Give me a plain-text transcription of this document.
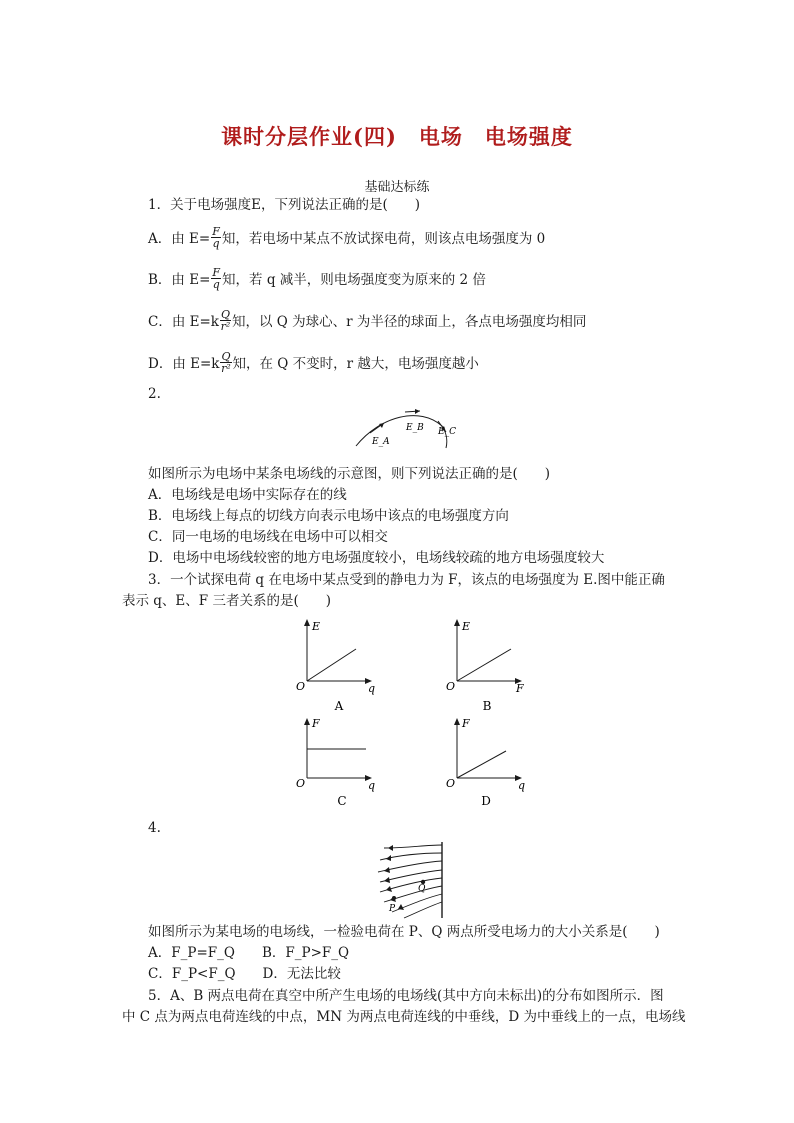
课时分层作业(四)　电场　电场强度
基础达标练
1．关于电场强度E，下列说法正确的是(　　)
A．由 $E= \frac{F}{q}$ 知，若电场中某点不放试探电荷，则该点电场强度为 0
B．由 $E= \frac{F}{q}$ 知，若 q 减半，则电场强度变为原来的 2 倍
C．由 $E=k \frac{Q}{\text{r²}}$ 知，以 Q 为球心、r 为半径的球面上，各点电场强度均相同
D．由 $E=k \frac{Q}{\text{r²}}$ 知，在 Q 不变时，r 越大，电场强度越小
2.
E_A
E_B E_C
如图所示为电场中某条电场线的示意图，则下列说法正确的是(　　)
A．电场线是电场中实际存在的线
B．电场线上每点的切线方向表示电场中该点的电场强度方向
C．同一电场的电场线在电场中可以相交
D．电场中电场线较密的地方电场强度较小，电场线较疏的地方电场强度较大
3．一个试探电荷 q 在电场中某点受到的静电力为 F，该点的电场强度为 E.图中能正确
表示 q、E、F 三者关系的是(　　)
E
q
O
A
E
F
O
B
F
q
O
C
F
q
O
D
4.
Q
P
如图所示为某电场的电场线，一检验电荷在 P、Q 两点所受电场力的大小关系是(　　)
A．F_P=F_Q　　B．F_P>F_Q
C．F_P<F_Q　　D．无法比较
5．A、B 两点电荷在真空中所产生电场的电场线(其中方向未标出)的分布如图所示．图
中 C 点为两点电荷连线的中点，MN 为两点电荷连线的中垂线，D 为中垂线上的一点，电场线
